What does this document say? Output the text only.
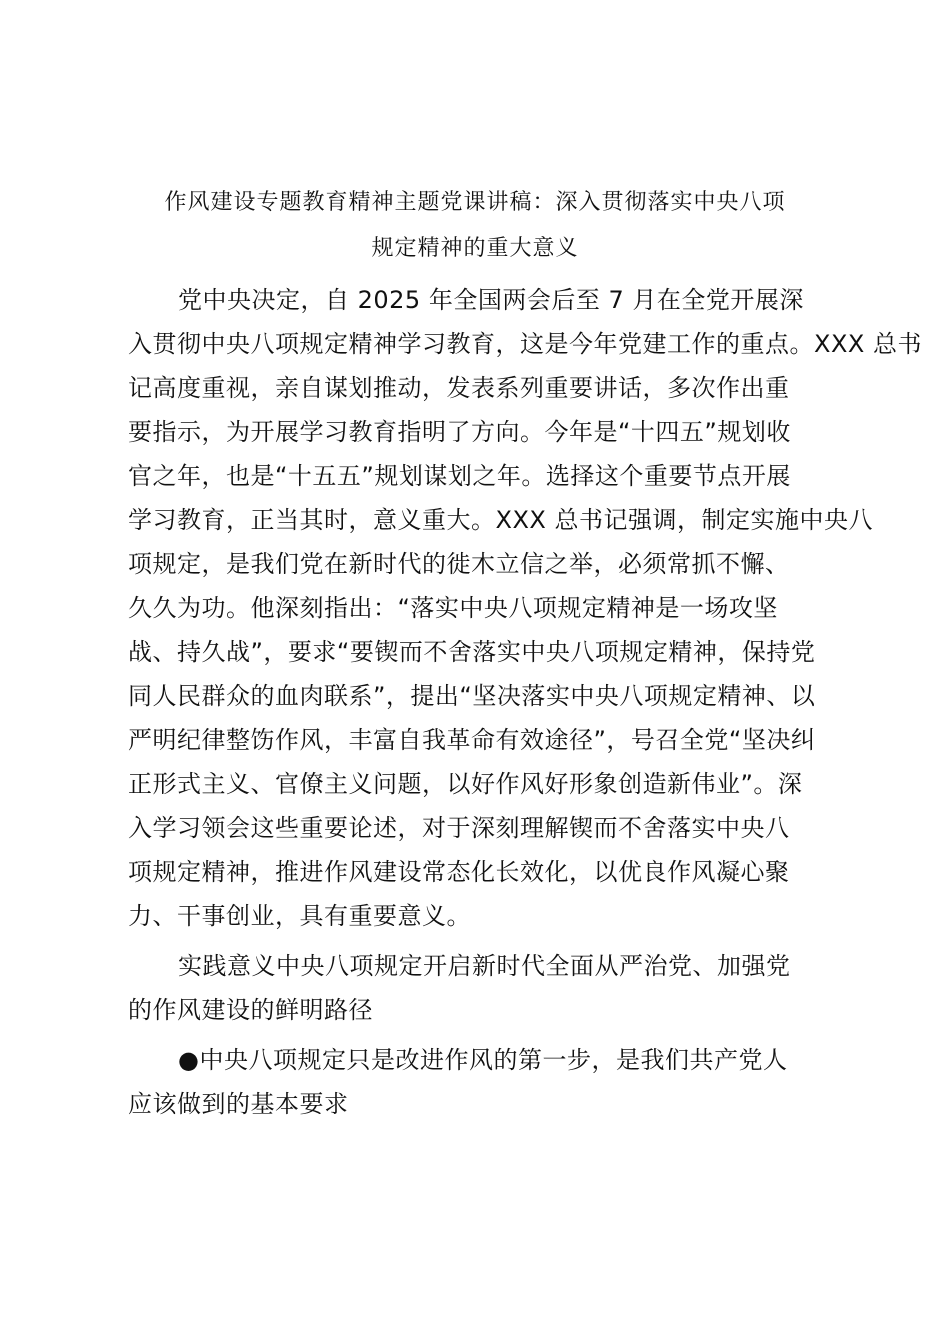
作风建设专题教育精神主题党课讲稿：深入贯彻落实中央八项
规定精神的重大意义
党中央决定，自 2025 年全国两会后至 7 月在全党开展深
入贯彻中央八项规定精神学习教育，这是今年党建工作的重点。XXX 总书
记高度重视，亲自谋划推动，发表系列重要讲话，多次作出重
要指示，为开展学习教育指明了方向。今年是“十四五”规划收
官之年，也是“十五五”规划谋划之年。选择这个重要节点开展
学习教育，正当其时，意义重大。XXX 总书记强调，制定实施中央八
项规定，是我们党在新时代的徙木立信之举，必须常抓不懈、
久久为功。他深刻指出：“落实中央八项规定精神是一场攻坚
战、持久战”，要求“要锲而不舍落实中央八项规定精神，保持党
同人民群众的血肉联系”，提出“坚决落实中央八项规定精神、以
严明纪律整饬作风，丰富自我革命有效途径”，号召全党“坚决纠
正形式主义、官僚主义问题，以好作风好形象创造新伟业”。深
入学习领会这些重要论述，对于深刻理解锲而不舍落实中央八
项规定精神，推进作风建设常态化长效化，以优良作风凝心聚
力、干事创业，具有重要意义。
实践意义中央八项规定开启新时代全面从严治党、加强党
的作风建设的鲜明路径
●中央八项规定只是改进作风的第一步，是我们共产党人
应该做到的基本要求
